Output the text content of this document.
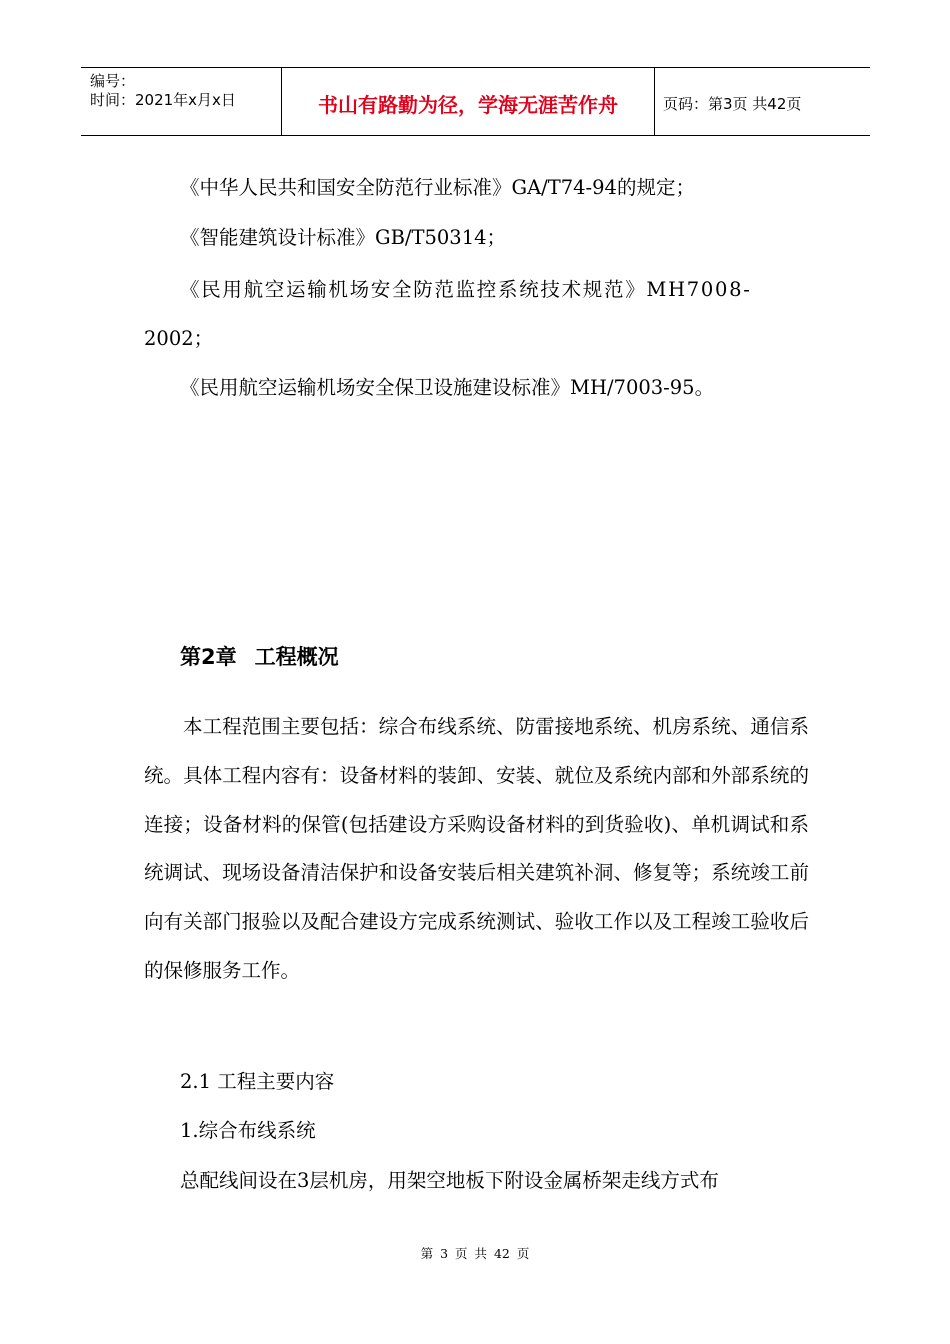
编号：
时间：2021年x月x日	书山有路勤为径，学海无涯苦作舟	页码：第3页 共42页
《中华人民共和国安全防范行业标准》GA/T74-94的规定；
《智能建筑设计标准》GB/T50314；
《民用航空运输机场安全防范监控系统技术规范》MH7008-
2002；
《民用航空运输机场安全保卫设施建设标准》MH/7003-95。
第2章 工程概况
本工程范围主要包括：综合布线系统、防雷接地系统、机房系统、通信系统。具体工程内容有：设备材料的装卸、安装、就位及系统内部和外部系统的连接；设备材料的保管(包括建设方采购设备材料的到货验收)、单机调试和系统调试、现场设备清洁保护和设备安装后相关建筑补洞、修复等；系统竣工前向有关部门报验以及配合建设方完成系统测试、验收工作以及工程竣工验收后的保修服务工作。
2.1 工程主要内容
1.综合布线系统
总配线间设在3层机房，用架空地板下附设金属桥架走线方式布
第 3 页 共 42 页
